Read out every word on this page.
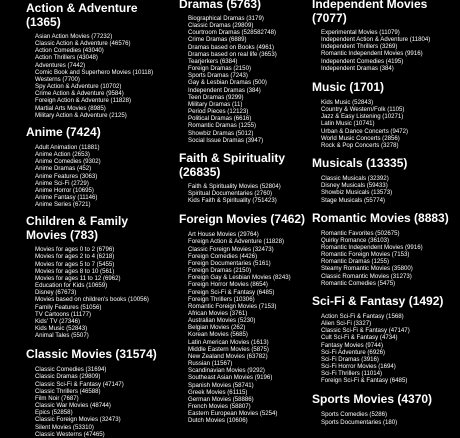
Action & Adventure (1365)
Asian Action Movies (77232)
Classic Action & Adventure (46576)
Action Comedies (43040)
Action Thrillers (43048)
Adventures (7442)
Comic Book and Superhero Movies (10118)
Westerns (7700)
Spy Action & Adventure (10702)
Crime Action & Adventure (9584)
Foreign Action & Adventure (11828)
Martial Arts Movies (8985)
Military Action & Adventure (2125)
Anime (7424)
Adult Animation (11881)
Anime Action (2653)
Anime Comedies (9302)
Anime Dramas (452)
Anime Features (3063)
Anime Sci-Fi (2729)
Anime Horror (10695)
Anime Fantasy (11146)
Anime Series (6721)
Children & Family Movies (783)
Movies for ages 0 to 2 (6796)
Movies for ages 2 to 4 (6218)
Movies for ages 5 to 7 (5455)
Movies for ages 8 to 10 (561)
Movies for ages 11 to 12 (6962)
Education for Kids (10659)
Disney (67673)
Movies based on children's books (10056)
Family Features (51056)
TV Cartoons (11177)
Kids' TV (27346)
Kids Music (52843)
Animal Tales (5507)
Classic Movies (31574)
Classic Comedies (31694)
Classic Dramas (29809)
Classic Sci-Fi & Fantasy (47147)
Classic Thrillers (46588)
Film Noir (7687)
Classic War Movies (48744)
Epics (52858)
Classic Foreign Movies (32473)
Silent Movies (53310)
Classic Westerns (47465)
Dramas (5763)
Biographical Dramas (3179)
Classic Dramas (29809)
Courtroom Dramas (528582748)
Crime Dramas (6889)
Dramas based on Books (4961)
Dramas based on real life (3653)
Tearjerkers (6384)
Foreign Dramas (2150)
Sports Dramas (7243)
Gay & Lesbian Dramas (500)
Independent Dramas (384)
Teen Dramas (9299)
Military Dramas (11)
Period Pieces (12123)
Political Dramas (6616)
Romantic Dramas (1255)
Showbiz Dramas (5012)
Social Issue Dramas (3947)
Faith & Spirituality (26835)
Faith & Spirituality Movies (52804)
Spiritual Documentaries (2760)
Kids Faith & Spirituality (751423)
Foreign Movies (7462)
Art House Movies (29764)
Foreign Action & Adventure (11828)
Classic Foreign Movies (32473)
Foreign Comedies (4426)
Foreign Documentaries (5161)
Foreign Dramas (2150)
Foreign Gay & Lesbian Movies (8243)
Foreign Horror Movies (8654)
Foreign Sci-Fi & Fantasy (6485)
Foreign Thrillers (10306)
Romantic Foreign Movies (7153)
African Movies (3761)
Australian Movies (5230)
Belgian Movies (262)
Korean Movies (5685)
Latin American Movies (1613)
Middle Eastern Movies (5875)
New Zealand Movies (63782)
Russian (11567)
Scandinavian Movies (9292)
Southeast Asian Movies (9196)
Spanish Movies (58741)
Greek Movies (61115)
German Movies (58886)
French Movies (58807)
Eastern European Movies (5254)
Dutch Movies (10606)
Independent Movies (7077)
Experimental Movies (11079)
Independent Action & Adventure (11804)
Independent Thrillers (3269)
Romantic Independent Movies (9916)
Independent Comedies (4195)
Independent Dramas (384)
Music (1701)
Kids Music (52843)
Country & Western/Folk (1105)
Jazz & Easy Listening (10271)
Latin Music (10741)
Urban & Dance Concerts (9472)
World Music Concerts (2856)
Rock & Pop Concerts (3278)
Musicals (13335)
Classic Musicals (32392)
Disney Musicals (59433)
Showbiz Musicals (13573)
Stage Musicals (55774)
Romantic Movies (8883)
Romantic Favorites (502675)
Quirky Romance (36103)
Romantic Independent Movies (9916)
Romantic Foreign Movies (7153)
Romantic Dramas (1255)
Steamy Romantic Movies (35800)
Classic Romantic Movies (31273)
Romantic Comedies (5475)
Sci-Fi & Fantasy (1492)
Action Sci-Fi & Fantasy (1568)
Alien Sci-Fi (3327)
Classic Sci-Fi & Fantasy (47147)
Cult Sci-Fi & Fantasy (4734)
Fantasy Movies (9744)
Sci-Fi Adventure (6926)
Sci-Fi Dramas (3916)
Sci-Fi Horror Movies (1694)
Sci-Fi Thrillers (11014)
Foreign Sci-Fi & Fantasy (6485)
Sports Movies (4370)
Sports Comedies (5286)
Sports Documentaries (180)
